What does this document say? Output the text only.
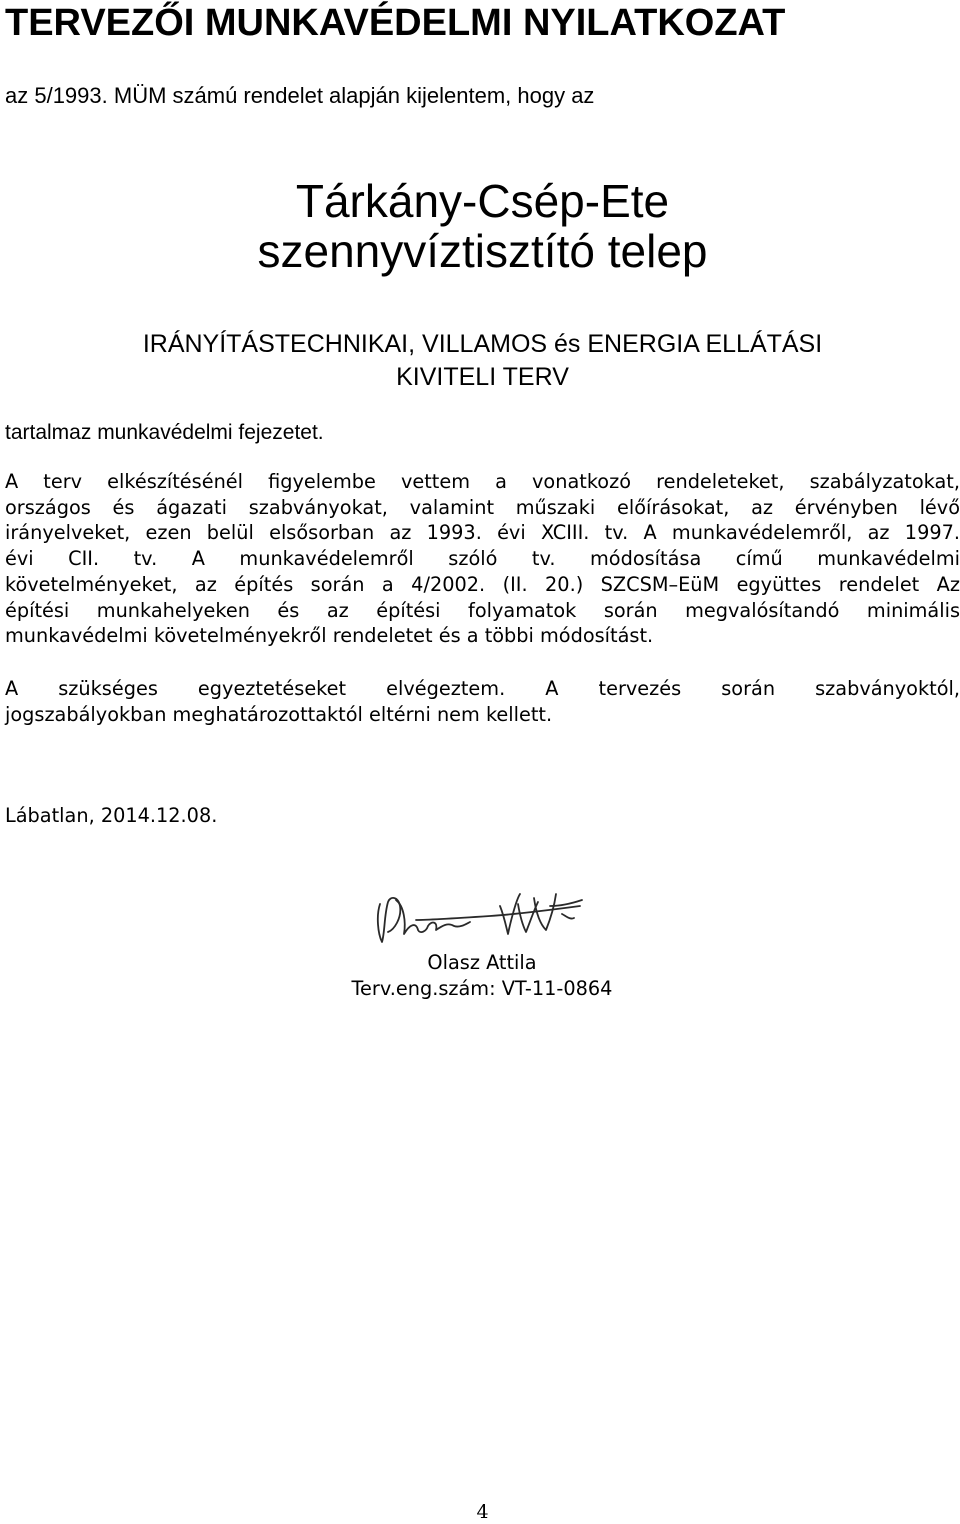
TERVEZŐI MUNKAVÉDELMI NYILATKOZAT
az 5/1993. MÜM számú rendelet alapján kijelentem, hogy az
Tárkány-Csép-Ete
szennyvíztisztító telep
IRÁNYÍTÁSTECHNIKAI, VILLAMOS és ENERGIA ELLÁTÁSI
KIVITELI TERV
tartalmaz munkavédelmi fejezetet.
A terv elkészítésénél figyelembe vettem a vonatkozó rendeleteket, szabályzatokat,
országos és ágazati szabványokat, valamint műszaki előírásokat, az érvényben lévő
irányelveket, ezen belül elsősorban az 1993. évi XCIII. tv. A munkavédelemről, az 1997.
évi CII. tv. A munkavédelemről szóló tv. módosítása című munkavédelmi
követelményeket, az építés során a 4/2002. (II. 20.) SZCSM–EüM együttes rendelet Az
építési munkahelyeken és az építési folyamatok során megvalósítandó minimális
munkavédelmi követelményekről rendeletet és a többi módosítást.
A szükséges egyeztetéseket elvégeztem. A tervezés során szabványoktól,
jogszabályokban meghatározottaktól eltérni nem kellett.
Lábatlan, 2014.12.08.
Olasz Attila
Terv.eng.szám: VT-11-0864
4
